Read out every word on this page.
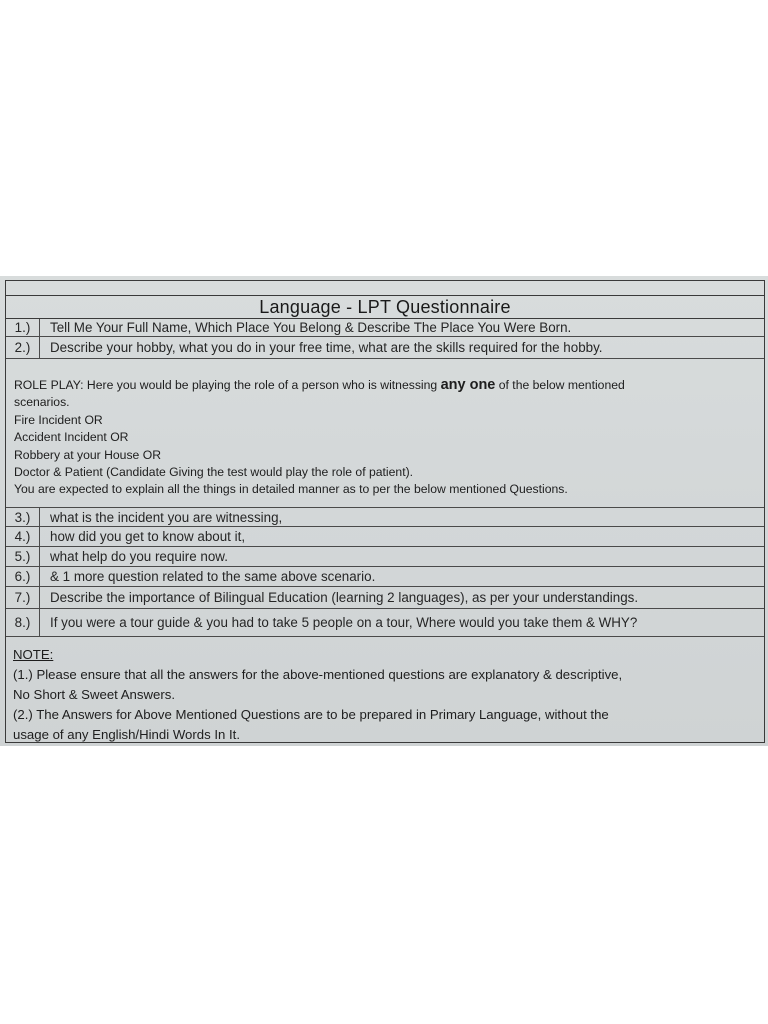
Language - LPT Questionnaire
1.)	Tell Me Your Full Name, Which Place You Belong & Describe The Place You Were Born.
2.)	Describe your hobby, what you do in your free time, what are the skills required for the hobby.

ROLE PLAY: Here you would be playing the role of a person who is witnessing any one of the below mentioned

scenarios.

Fire Incident OR

Accident Incident OR

Robbery at your House OR

Doctor & Patient (Candidate Giving the test would play the role of patient).

You are expected to explain all the things in detailed manner as to per the below mentioned Questions.

3.)	what is the incident you are witnessing,
4.)	how did you get to know about it,
5.)	what help do you require now.
6.)	& 1 more question related to the same above scenario.
7.)	Describe the importance of Bilingual Education (learning 2 languages), as per your understandings.
8.)	If you were a tour guide & you had to take 5 people on a tour, Where would you take them & WHY?

NOTE:

(1.) Please ensure that all the answers for the above-mentioned questions are explanatory & descriptive,

No Short & Sweet Answers.

(2.) The Answers for Above Mentioned Questions are to be prepared in Primary Language, without the

usage of any English/Hindi Words In It.
